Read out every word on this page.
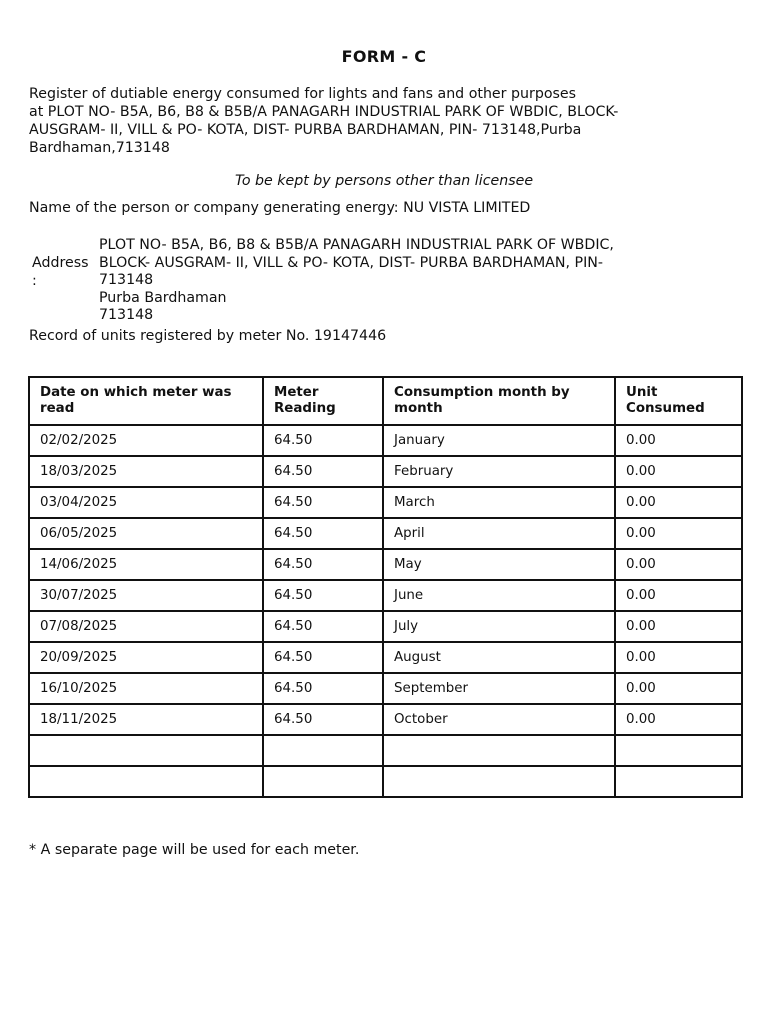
FORM - C
Register of dutiable energy consumed for lights and fans and other purposes
at PLOT NO- B5A, B6, B8 & B5B/A PANAGARH INDUSTRIAL PARK OF WBDIC, BLOCK-
AUSGRAM- II, VILL & PO- KOTA, DIST- PURBA BARDHAMAN, PIN- 713148,Purba
Bardhaman,713148
To be kept by persons other than licensee
Name of the person or company generating energy: NU VISTA LIMITED
Address
:
PLOT NO- B5A, B6, B8 & B5B/A PANAGARH INDUSTRIAL PARK OF WBDIC,
BLOCK- AUSGRAM- II, VILL & PO- KOTA, DIST- PURBA BARDHAMAN, PIN-
713148
Purba Bardhaman
713148
Record of units registered by meter No. 19147446
Date on which meter was read	Meter Reading	Consumption month by month	Unit Consumed
02/02/2025	64.50	January	0.00
18/03/2025	64.50	February	0.00
03/04/2025	64.50	March	0.00
06/05/2025	64.50	April	0.00
14/06/2025	64.50	May	0.00
30/07/2025	64.50	June	0.00
07/08/2025	64.50	July	0.00
20/09/2025	64.50	August	0.00
16/10/2025	64.50	September	0.00
18/11/2025	64.50	October	0.00

* A separate page will be used for each meter.
